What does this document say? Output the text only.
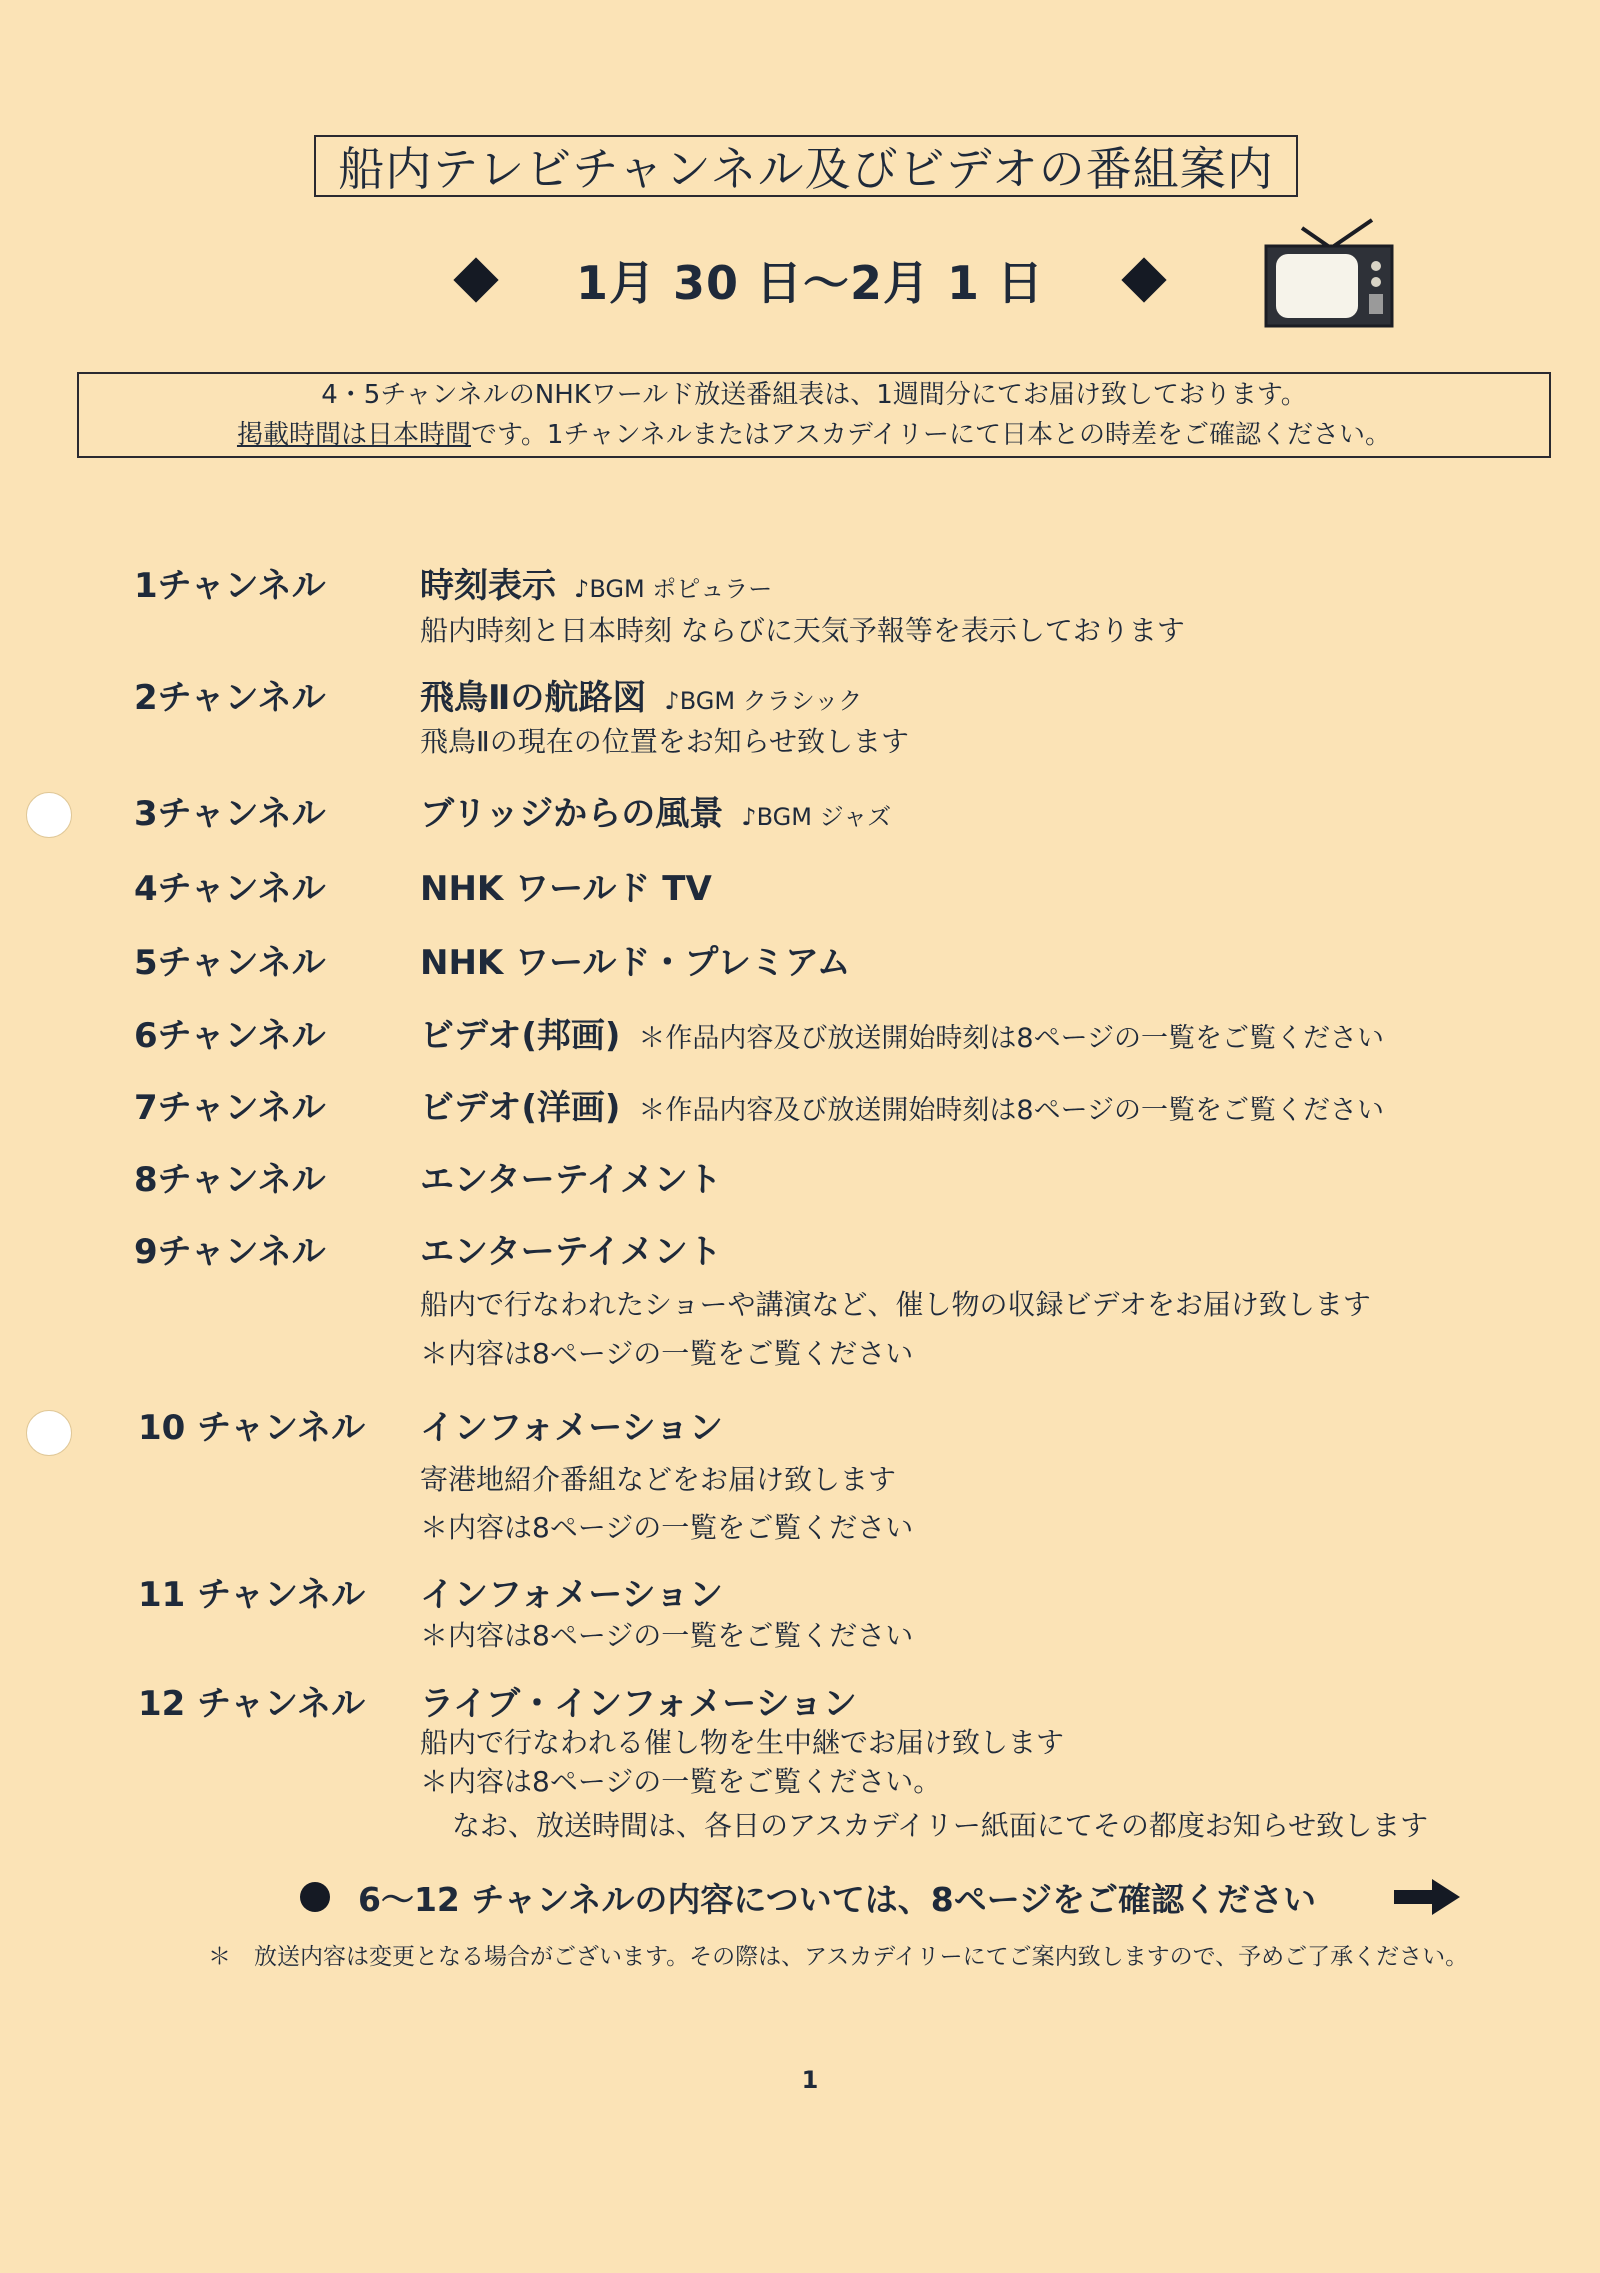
船内テレビチャンネル及びビデオの番組案内
1月 30 日～2月 1 日
4・5チャンネルのNHKワールド放送番組表は、1週間分にてお届け致しております。
掲載時間は日本時間です。1チャンネルまたはアスカデイリーにて日本との時差をご確認ください。
1チャンネル	時刻表示 ♪BGM ポピュラー
船内時刻と日本時刻 ならびに天気予報等を表示しております
2チャンネル	飛鳥Ⅱの航路図 ♪BGM クラシック
飛鳥Ⅱの現在の位置をお知らせ致します
3チャンネル	ブリッジからの風景 ♪BGM ジャズ
4チャンネル	NHK ワールド TV
5チャンネル	NHK ワールド・プレミアム
6チャンネル	ビデオ(邦画) ＊作品内容及び放送開始時刻は8ページの一覧をご覧ください
7チャンネル	ビデオ(洋画) ＊作品内容及び放送開始時刻は8ページの一覧をご覧ください
8チャンネル	エンターテイメント
9チャンネル	エンターテイメント
船内で行なわれたショーや講演など、催し物の収録ビデオをお届け致します
＊内容は8ページの一覧をご覧ください
10 チャンネル インフォメーション
寄港地紹介番組などをお届け致します
＊内容は8ページの一覧をご覧ください
11 チャンネル インフォメーション
＊内容は8ページの一覧をご覧ください
12 チャンネル ライブ・インフォメーション
船内で行なわれる催し物を生中継でお届け致します
＊内容は8ページの一覧をご覧ください。
なお、放送時間は、各日のアスカデイリー紙面にてその都度お知らせ致します
6～12 チャンネルの内容については、8ページをご確認ください
＊　放送内容は変更となる場合がございます。その際は、アスカデイリーにてご案内致しますので、予めご了承ください。
1
